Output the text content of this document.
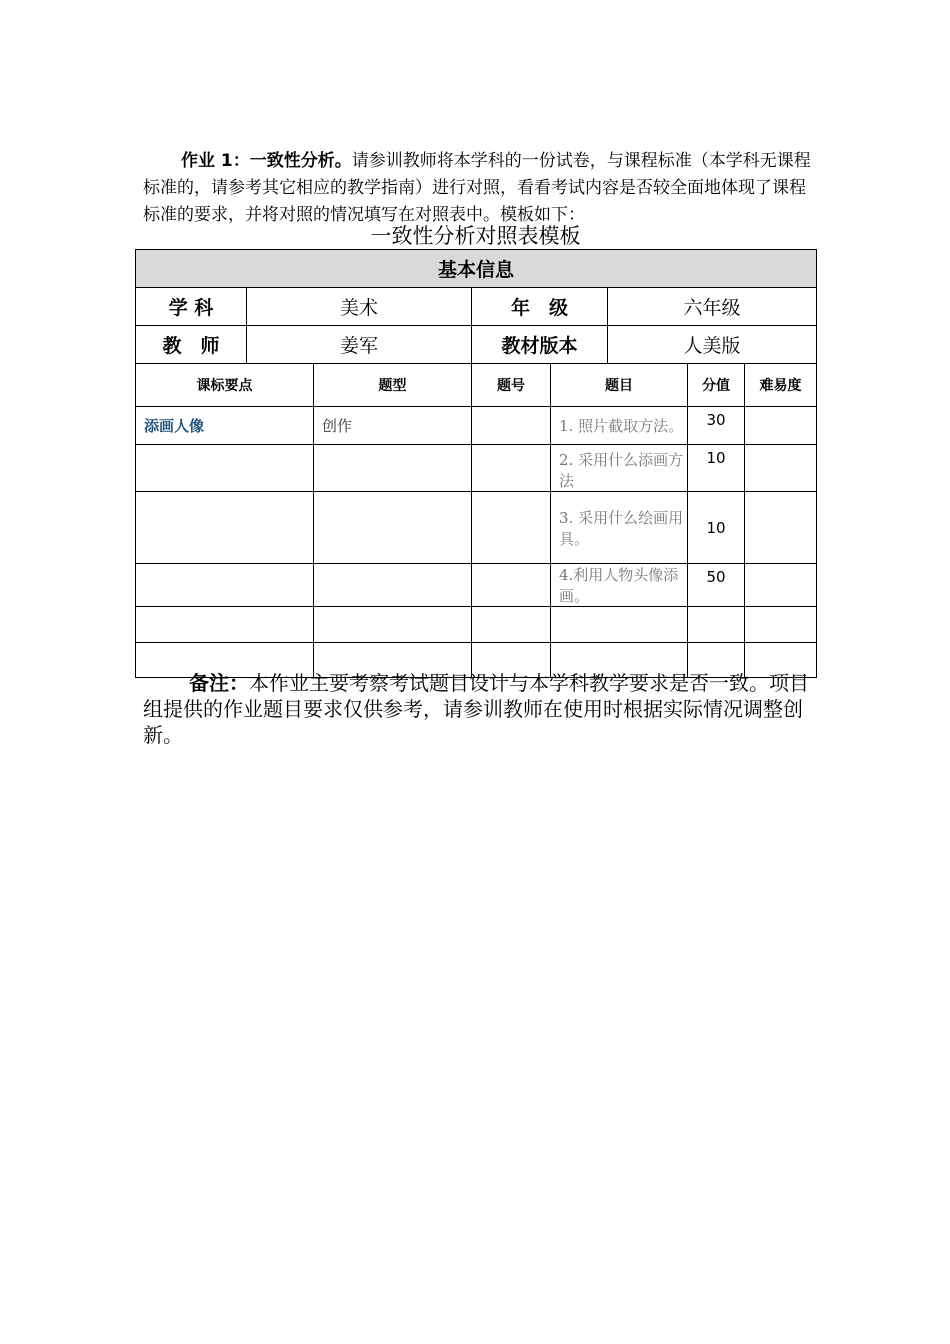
作业 1：一致性分析。请参训教师将本学科的一份试卷，与课程标准（本学科无课程标准的，请参考其它相应的教学指南）进行对照，看看考试内容是否较全面地体现了课程标准的要求，并将对照的情况填写在对照表中。模板如下：

一致性分析对照表模板
基本信息							
学 科	美术		年　级		六年级		
教　师	姜军		教材版本		人美版		
课标要点		题型	题号	题目		分值	难易度
添画人像		创作		1. 照片截取方法。		30	
				2. 采用什么添画方法		10	
				3. 采用什么绘画用具。		10	
				4.利用人物头像添画。		50	

备注：本作业主要考察考试题目设计与本学科教学要求是否一致。项目组提供的作业题目要求仅供参考，请参训教师在使用时根据实际情况调整创新。
